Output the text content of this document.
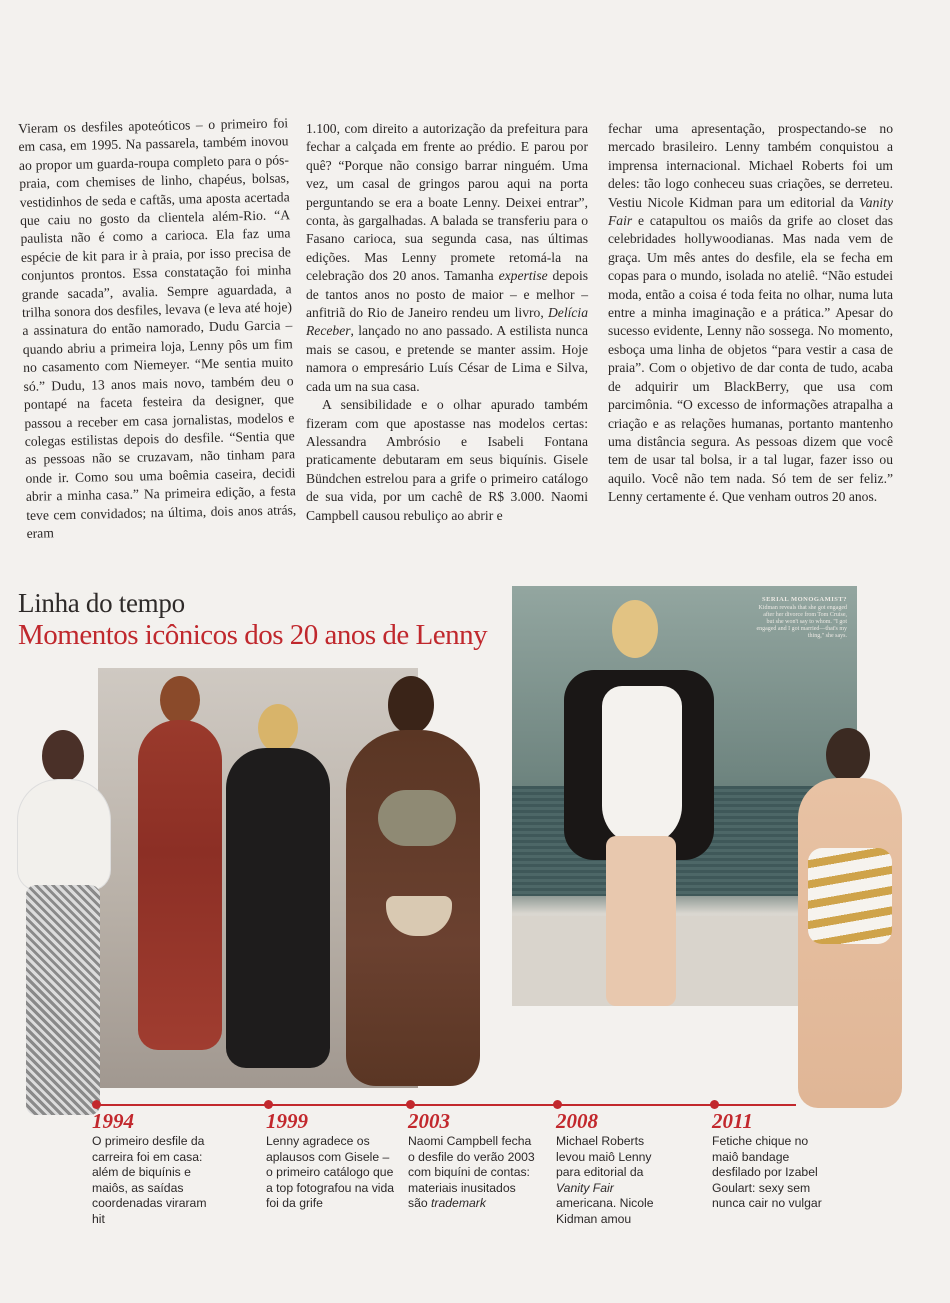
Vieram os desfiles apoteóticos – o primeiro foi em casa, em 1995. Na passarela, também inovou ao propor um guarda-roupa completo para o pós-praia, com chemises de linho, chapéus, bolsas, vestidinhos de seda e caftãs, uma aposta acertada que caiu no gosto da clientela além-Rio. “A paulista não é como a carioca. Ela faz uma espécie de kit para ir à praia, por isso precisa de conjuntos prontos. Essa constatação foi minha grande sacada”, avalia. Sempre aguardada, a trilha sonora dos desfiles, levava (e leva até hoje) a assinatura do então namorado, Dudu Garcia – quando abriu a primeira loja, Lenny pôs um fim no casamento com Niemeyer. “Me sentia muito só.” Dudu, 13 anos mais novo, também deu o pontapé na faceta festeira da designer, que passou a receber em casa jornalistas, modelos e colegas estilistas depois do desfile. “Sentia que as pessoas não se cruzavam, não tinham para onde ir. Como sou uma boêmia caseira, decidi abrir a minha casa.” Na primeira edição, a festa teve cem convidados; na última, dois anos atrás, eram

1.100, com direito a autorização da prefeitura para fechar a calçada em frente ao prédio. E parou por quê? “Porque não consigo barrar ninguém. Uma vez, um casal de gringos parou aqui na porta perguntando se era a boate Lenny. Deixei entrar”, conta, às gargalhadas. A balada se transferiu para o Fasano carioca, sua segunda casa, nas últimas edições. Mas Lenny promete retomá-la na celebração dos 20 anos. Tamanha expertise depois de tantos anos no posto de maior – e melhor – anfitriã do Rio de Janeiro rendeu um livro, Delícia Receber, lançado no ano passado. A estilista nunca mais se casou, e pretende se manter assim. Hoje namora o empresário Luís César de Lima e Silva, cada um na sua casa.

A sensibilidade e o olhar apurado também fizeram com que apostasse nas modelos certas: Alessandra Ambrósio e Isabeli Fontana praticamente debutaram em seus biquínis. Gisele Bündchen estrelou para a grife o primeiro catálogo de sua vida, por um cachê de R$ 3.000. Naomi Campbell causou rebuliço ao abrir e

fechar uma apresentação, prospectando-se no mercado brasileiro. Lenny também conquistou a imprensa internacional. Michael Roberts foi um deles: tão logo conheceu suas criações, se derreteu. Vestiu Nicole Kidman para um editorial da Vanity Fair e catapultou os maiôs da grife ao closet das celebridades hollywoodianas. Mas nada vem de graça. Um mês antes do desfile, ela se fecha em copas para o mundo, isolada no ateliê. “Não estudei moda, então a coisa é toda feita no olhar, numa luta entre a minha imaginação e a prática.” Apesar do sucesso evidente, Lenny não sossega. No momento, esboça uma linha de objetos “para vestir a casa de praia”. Com o objetivo de dar conta de tudo, acaba de adquirir um BlackBerry, que usa com parcimônia. “O excesso de informações atrapalha a criação e as relações humanas, portanto mantenho uma distância segura. As pessoas dizem que você tem de usar tal bolsa, ir a tal lugar, fazer isso ou aquilo. Você não tem nada. Só tem de ser feliz.” Lenny certamente é. Que venham outros 20 anos.

SERIAL MONOGAMIST?
Kidman reveals that she got engaged after her divorce from Tom Cruise, but she won't say to whom. "I got engaged and I got married—that's my thing," she says.
Linha do tempo
Momentos icônicos dos 20 anos de Lenny
1994
O primeiro desfile da carreira foi em casa: além de biquínis e maiôs, as saídas coordenadas viraram hit
1999
Lenny agradece os aplausos com Gisele – o primeiro catálogo que a top fotografou na vida foi da grife
2003
Naomi Campbell fecha o desfile do verão 2003 com biquíni de contas: materiais inusitados são trademark
2008
Michael Roberts levou maiô Lenny para editorial da Vanity Fair americana. Nicole Kidman amou
2011
Fetiche chique no maiô bandage desfilado por Izabel Goulart: sexy sem nunca cair no vulgar
